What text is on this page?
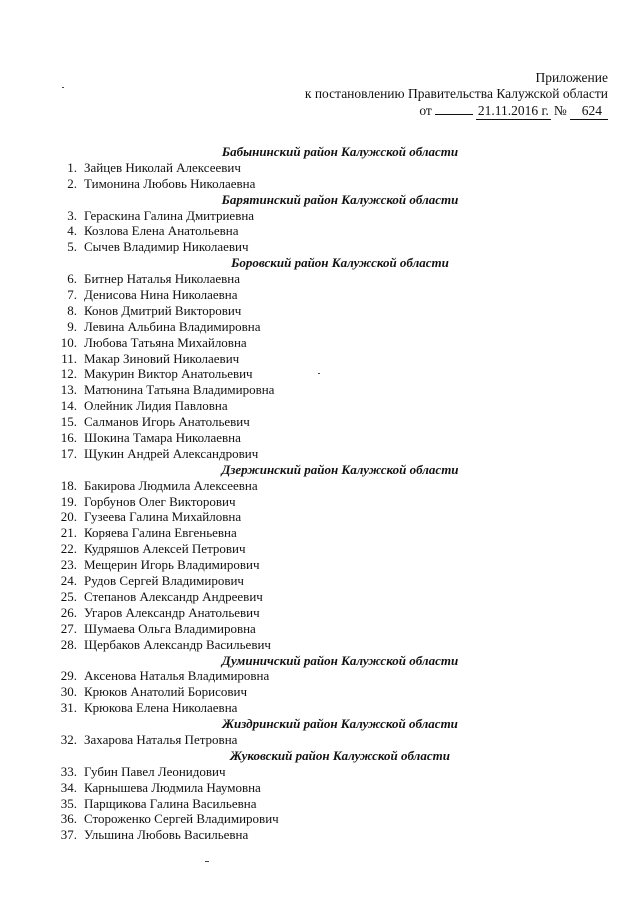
Приложение
к постановлению Правительства Калужской области
от	21.11.2016 г. №	624
Бабынинский район Калужской области
1. Зайцев Николай Алексеевич
2. Тимонина Любовь Николаевна
Барятинский район Калужской области
3. Гераскина Галина Дмитриевна
4. Козлова Елена Анатольевна
5. Сычев Владимир Николаевич
Боровский район Калужской области
6. Битнер Наталья Николаевна
7. Денисова Нина Николаевна
8. Конов Дмитрий Викторович
9. Левина Альбина Владимировна
10. Любова Татьяна Михайловна
11. Макар Зиновий Николаевич
12. Макурин Виктор Анатольевич
13. Матюнина Татьяна Владимировна
14. Олейник Лидия Павловна
15. Салманов Игорь Анатольевич
16. Шокина Тамара Николаевна
17. Щукин Андрей Александрович
Дзержинский район Калужской области
18. Бакирова Людмила Алексеевна
19. Горбунов Олег Викторович
20. Гузеева Галина Михайловна
21. Коряева Галина Евгеньевна
22. Кудряшов Алексей Петрович
23. Мещерин Игорь Владимирович
24. Рудов Сергей Владимирович
25. Степанов Александр Андреевич
26. Угаров Александр Анатольевич
27. Шумаева Ольга Владимировна
28. Щербаков Александр Васильевич
Думиничский район Калужской области
29. Аксенова Наталья Владимировна
30. Крюков Анатолий Борисович
31. Крюкова Елена Николаевна
Жиздринский район Калужской области
32. Захарова Наталья Петровна
Жуковский район Калужской области
33. Губин Павел Леонидович
34. Карнышева Людмила Наумовна
35. Парщикова Галина Васильевна
36. Стороженко Сергей Владимирович
37. Ульшина Любовь Васильевна
